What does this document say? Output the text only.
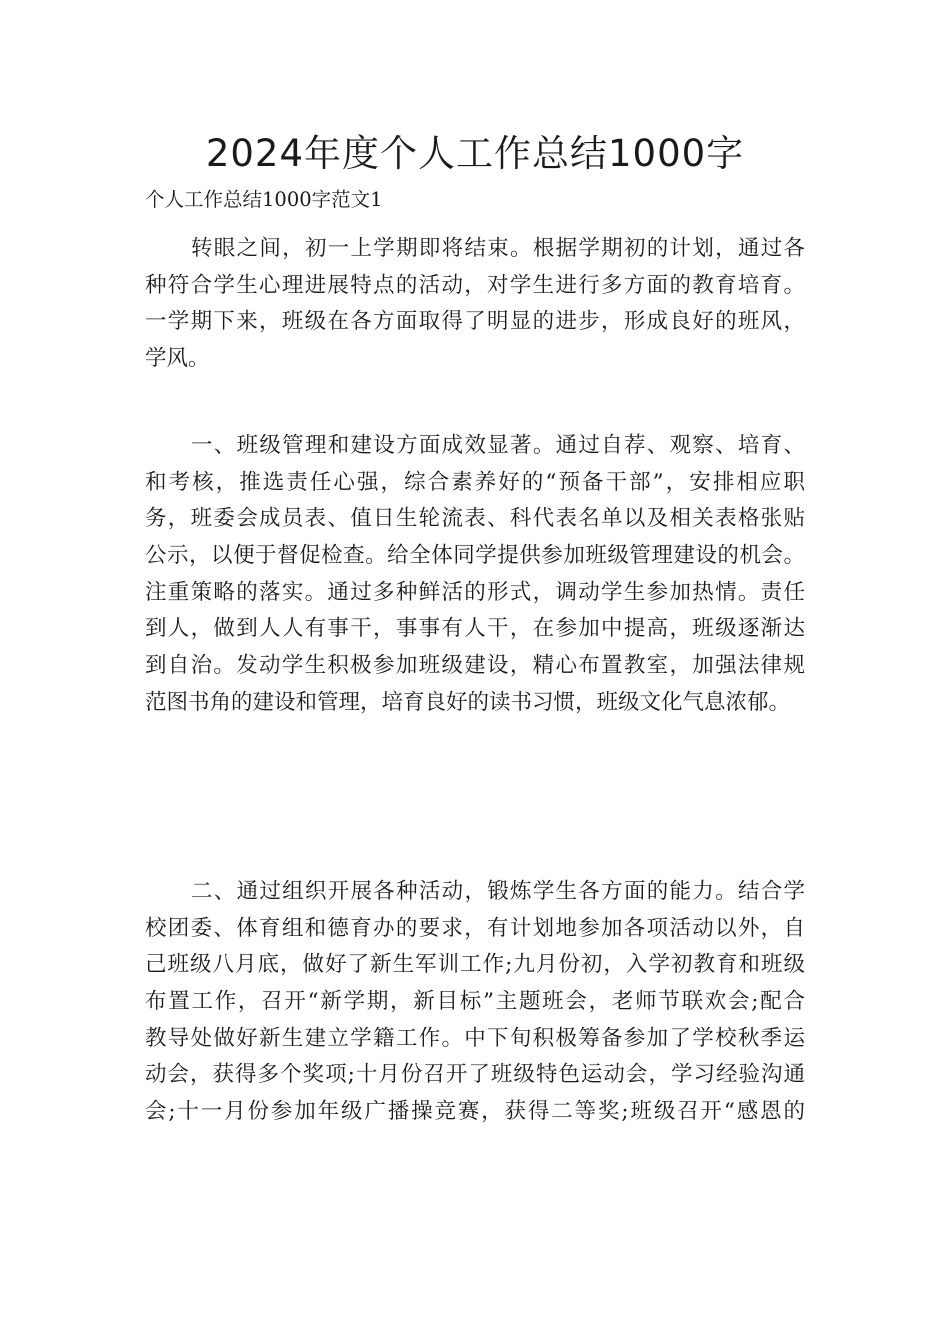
2024年度个人工作总结1000字
个人工作总结1000字范文1
转眼之间，初一上学期即将结束。根据学期初的计划，通过各
种符合学生心理进展特点的活动，对学生进行多方面的教育培育。
一学期下来，班级在各方面取得了明显的进步，形成良好的班风，
学风。
一、班级管理和建设方面成效显著。通过自荐、观察、培育、
和考核，推选责任心强，综合素养好的“预备干部”，安排相应职
务，班委会成员表、值日生轮流表、科代表名单以及相关表格张贴
公示，以便于督促检查。给全体同学提供参加班级管理建设的机会。
注重策略的落实。通过多种鲜活的形式，调动学生参加热情。责任
到人，做到人人有事干，事事有人干，在参加中提高，班级逐渐达
到自治。发动学生积极参加班级建设，精心布置教室，加强法律规
范图书角的建设和管理，培育良好的读书习惯，班级文化气息浓郁。
二、通过组织开展各种活动，锻炼学生各方面的能力。结合学
校团委、体育组和德育办的要求，有计划地参加各项活动以外，自
己班级八月底，做好了新生军训工作;九月份初，入学初教育和班级
布置工作，召开“新学期，新目标”主题班会，老师节联欢会;配合
教导处做好新生建立学籍工作。中下旬积极筹备参加了学校秋季运
动会，获得多个奖项;十月份召开了班级特色运动会，学习经验沟通
会;十一月份参加年级广播操竞赛，获得二等奖;班级召开“感恩的
